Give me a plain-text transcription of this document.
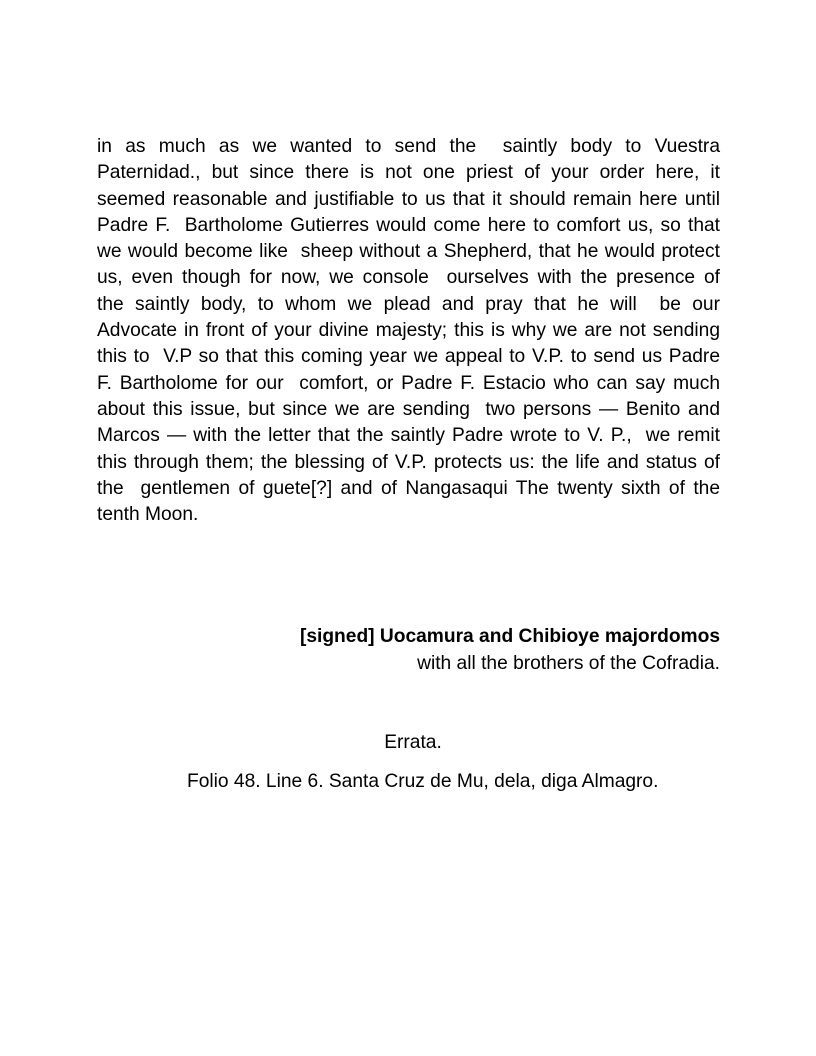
in as much as we wanted to send the  saintly body to Vuestra
Paternidad., but since there is not one priest of your order here, it
seemed reasonable and justifiable to us that it should remain here until
Padre F.  Bartholome Gutierres would come here to comfort us, so that
we would become like  sheep without a Shepherd, that he would protect
us, even though for now, we console  ourselves with the presence of
the saintly body, to whom we plead and pray that he will  be our
Advocate in front of your divine majesty; this is why we are not sending
this to  V.P so that this coming year we appeal to V.P. to send us Padre
F. Bartholome for our  comfort, or Padre F. Estacio who can say much
about this issue, but since we are sending  two persons — Benito and
Marcos — with the letter that the saintly Padre wrote to V. P.,  we remit
this through them; the blessing of V.P. protects us: the life and status of
the  gentlemen of guete[?] and of Nangasaqui The twenty sixth of the
tenth Moon.
[signed] Uocamura and Chibioye majordomos
with all the brothers of the Cofradia.
Errata.
Folio 48. Line 6. Santa Cruz de Mu, dela, diga Almagro.
